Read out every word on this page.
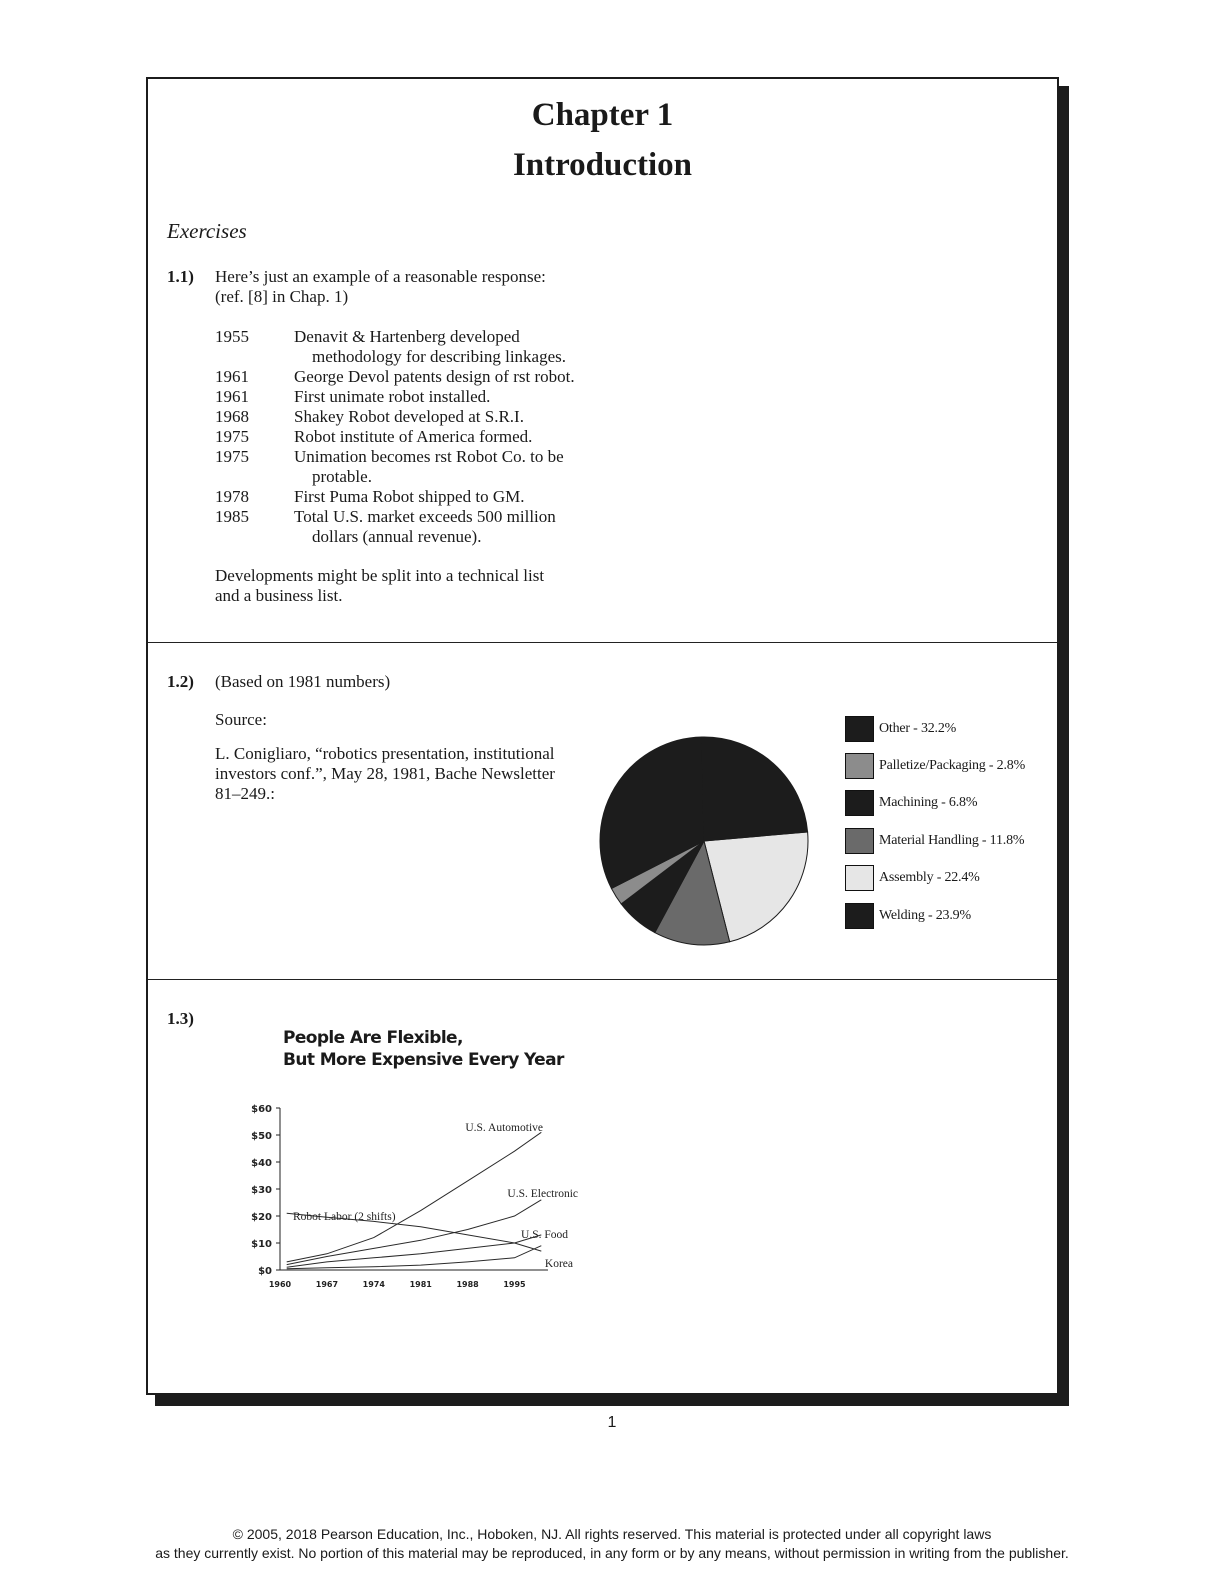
Chapter 1
Introduction
Exercises
1.1) Here’s just an example of a reasonable response:
(ref. [8] in Chap. 1)
1955	Denavit & Hartenberg developed
methodology for describing linkages.
1961	George Devol patents design of rst robot.
1961	First unimate robot installed.
1968	Shakey Robot developed at S.R.I.
1975	Robot institute of America formed.
1975	Unimation becomes rst Robot Co. to be
protable.
1978	First Puma Robot shipped to GM.
1985	Total U.S. market exceeds 500 million
dollars (annual revenue).
Developments might be split into a technical list
and a business list.
1.2) (Based on 1981 numbers)
Source:
L. Conigliaro, “robotics presentation, institutional
investors conf.”, May 28, 1981, Bache Newsletter
81–249.:
Other - 32.2%
Palletize/Packaging - 2.8%
Machining - 6.8%
Material Handling - 11.8%
Assembly - 22.4%
Welding - 23.9%
1.3)
People Are Flexible,
But More Expensive Every Year
$60
$50
$40
$30
$20
$10
$0
1960	1967	1974	1981	1988	1995
U.S. Automotive
U.S. Electronic
U.S. Food
Korea
Robot Labor (2 shifts)
1
© 2005, 2018 Pearson Education, Inc., Hoboken, NJ. All rights reserved. This material is protected under all copyright laws
as they currently exist. No portion of this material may be reproduced, in any form or by any means, without permission in writing from the publisher.
